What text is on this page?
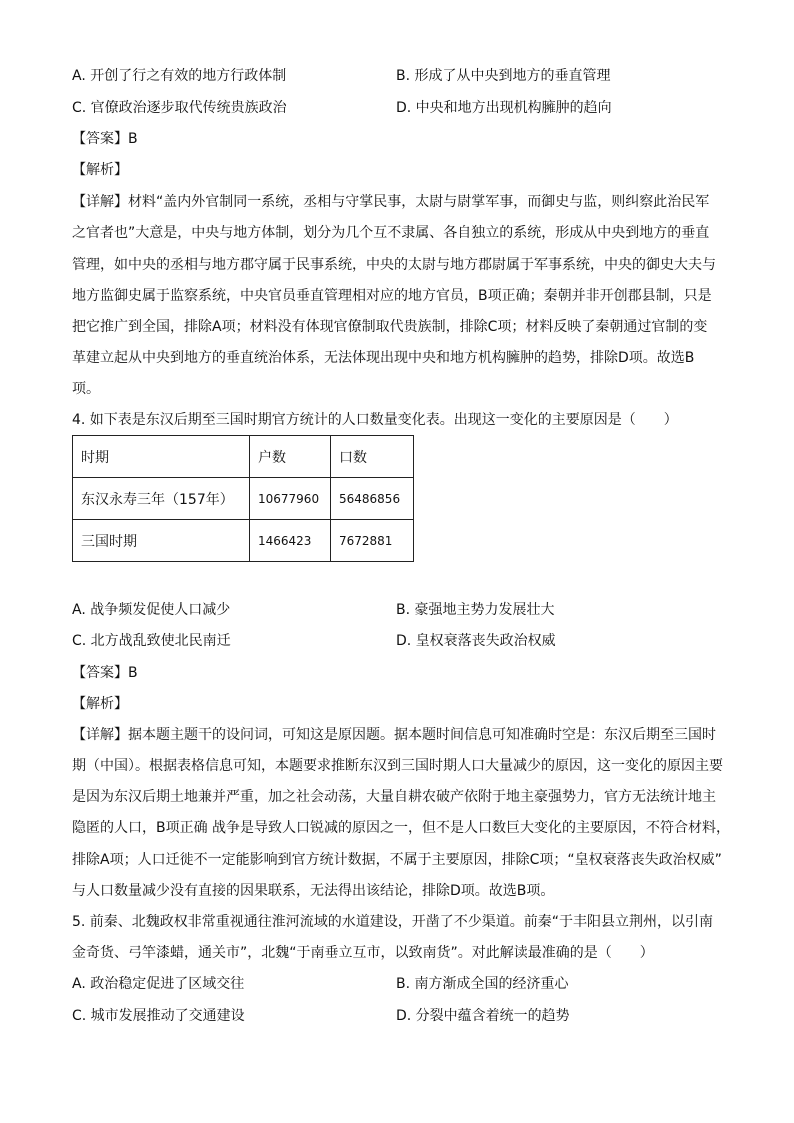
A. 开创了行之有效的地方行政体制	B. 形成了从中央到地方的垂直管理
C. 官僚政治逐步取代传统贵族政治	D. 中央和地方出现机构臃肿的趋向
【答案】B
【解析】
【详解】材料“盖内外官制同一系统，丞相与守掌民事，太尉与尉掌军事，而御史与监，则纠察此治民军
之官者也”大意是，中央与地方体制，划分为几个互不隶属、各自独立的系统，形成从中央到地方的垂直
管理，如中央的丞相与地方郡守属于民事系统，中央的太尉与地方郡尉属于军事系统，中央的御史大夫与
地方监御史属于监察系统，中央官员垂直管理相对应的地方官员，B项正确；秦朝并非开创郡县制，只是
把它推广到全国，排除A项；材料没有体现官僚制取代贵族制，排除C项；材料反映了秦朝通过官制的变
革建立起从中央到地方的垂直统治体系，无法体现出现中央和地方机构臃肿的趋势，排除D项。故选B
项。
4. 如下表是东汉后期至三国时期官方统计的人口数量变化表。出现这一变化的主要原因是（　　）
时期	户数	口数
东汉永寿三年（157年）	10677960	56486856
三国时期	1466423	7672881
A. 战争频发促使人口减少	B. 豪强地主势力发展壮大
C. 北方战乱致使北民南迁	D. 皇权衰落丧失政治权威
【答案】B
【解析】
【详解】据本题主题干的设问词，可知这是原因题。据本题时间信息可知准确时空是：东汉后期至三国时
期（中国）。根据表格信息可知，本题要求推断东汉到三国时期人口大量减少的原因，这一变化的原因主要
是因为东汉后期土地兼并严重，加之社会动荡，大量自耕农破产依附于地主豪强势力，官方无法统计地主
隐匿的人口，B项正确 战争是导致人口锐减的原因之一，但不是人口数巨大变化的主要原因，不符合材料，
排除A项；人口迁徙不一定能影响到官方统计数据，不属于主要原因，排除C项；“皇权衰落丧失政治权威”
与人口数量减少没有直接的因果联系，无法得出该结论，排除D项。故选B项。
5. 前秦、北魏政权非常重视通往淮河流域的水道建设，开凿了不少渠道。前秦“于丰阳县立荆州，以引南
金奇货、弓竿漆蜡，通关市”，北魏“于南垂立互市，以致南货”。对此解读最准确的是（　　）
A. 政治稳定促进了区域交往	B. 南方渐成全国的经济重心
C. 城市发展推动了交通建设	D. 分裂中蕴含着统一的趋势
